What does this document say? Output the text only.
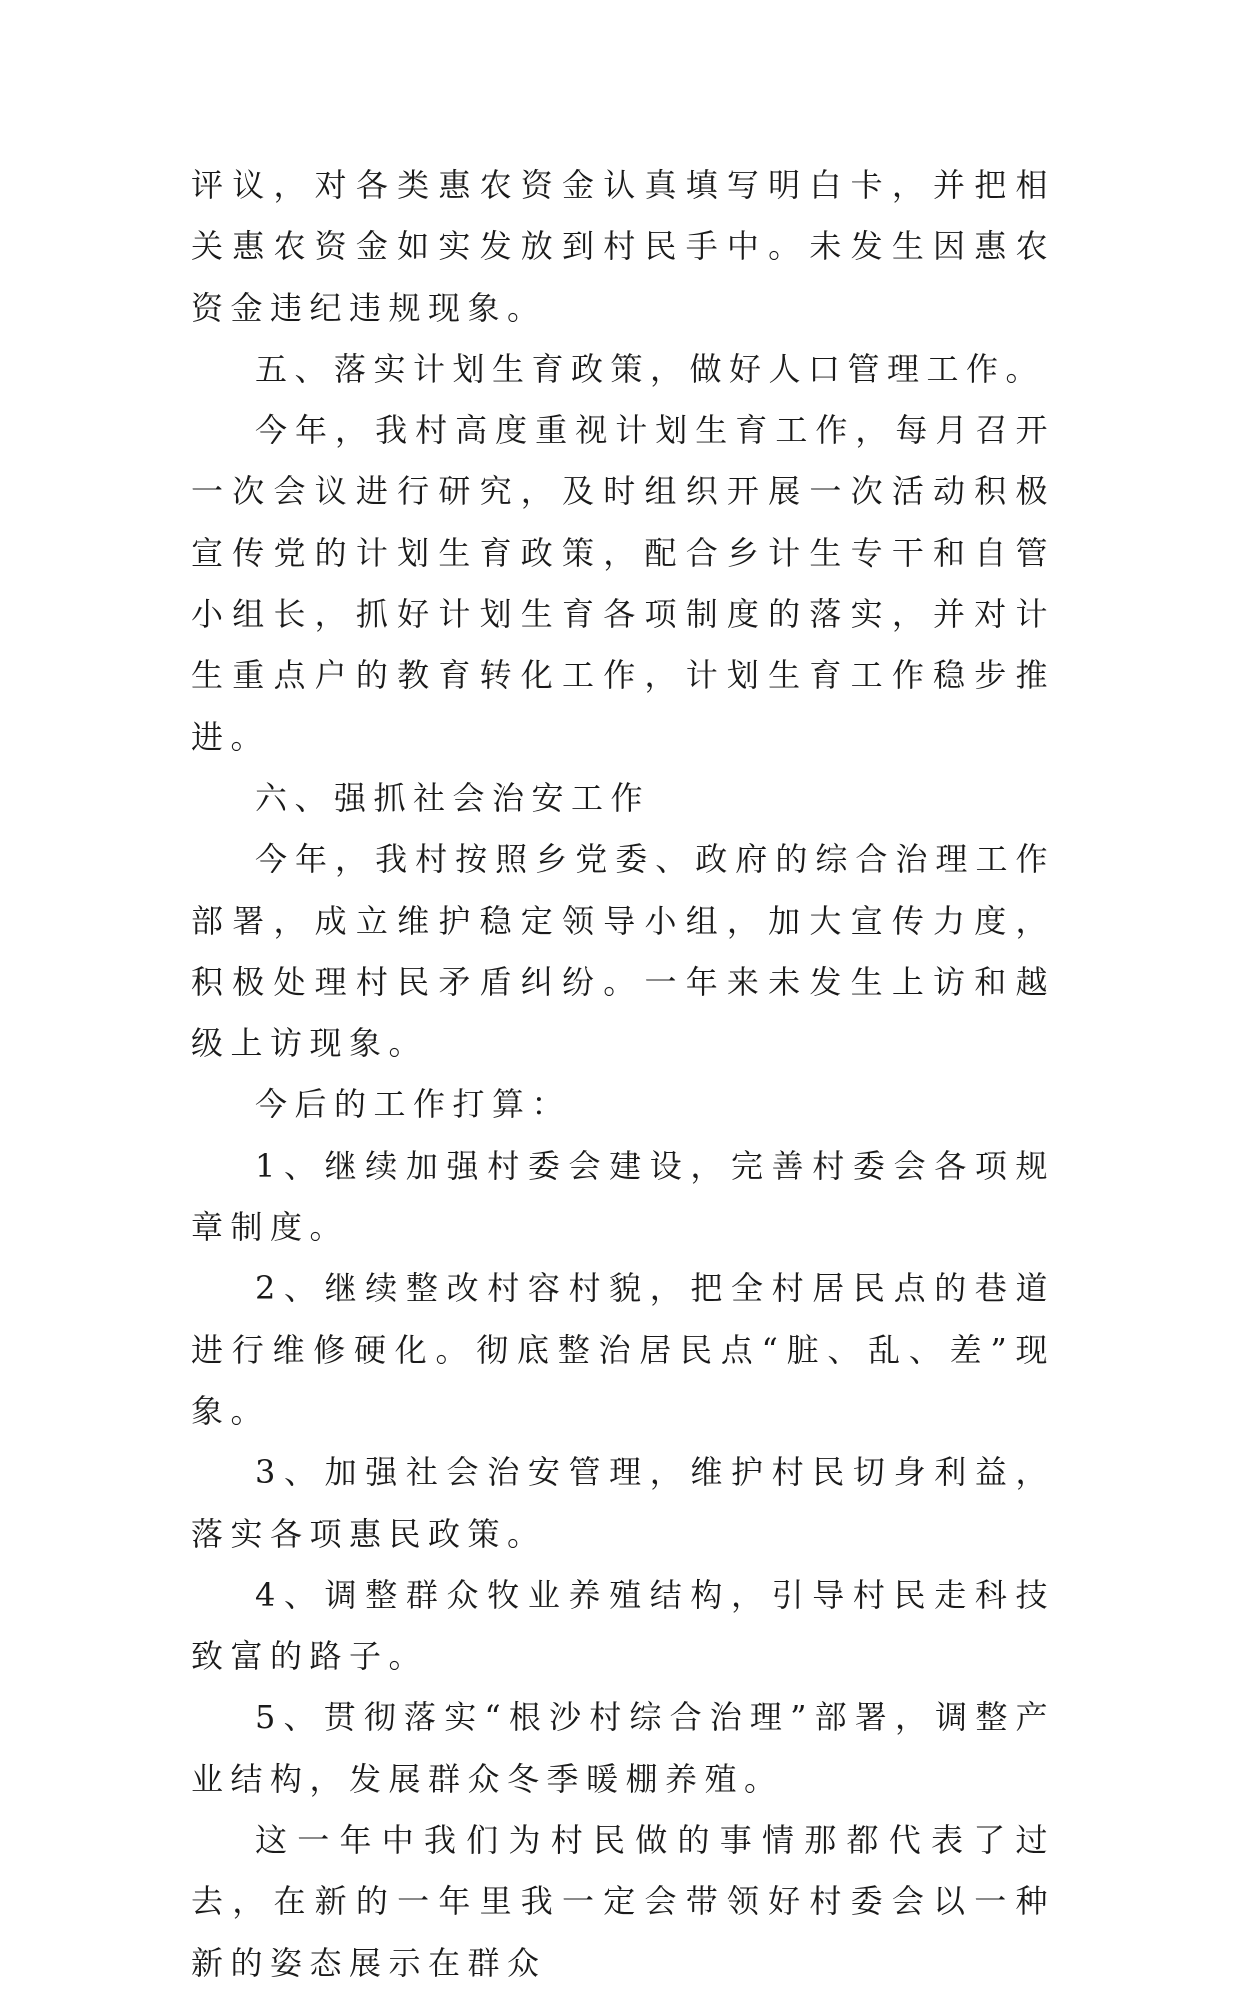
评议，对各类惠农资金认真填写明白卡，并把相关惠农资金如实发放到村民手中。未发生因惠农资金违纪违规现象。

五、落实计划生育政策，做好人口管理工作。

今年，我村高度重视计划生育工作，每月召开一次会议进行研究，及时组织开展一次活动积极宣传党的计划生育政策，配合乡计生专干和自管小组长，抓好计划生育各项制度的落实，并对计生重点户的教育转化工作，计划生育工作稳步推进。

六、强抓社会治安工作

今年，我村按照乡党委、政府的综合治理工作部署，成立维护稳定领导小组，加大宣传力度，积极处理村民矛盾纠纷。一年来未发生上访和越级上访现象。

今后的工作打算：

1、继续加强村委会建设，完善村委会各项规章制度。

2、继续整改村容村貌，把全村居民点的巷道进行维修硬化。彻底整治居民点“脏、乱、差”现象。

3、加强社会治安管理，维护村民切身利益，落实各项惠民政策。

4、调整群众牧业养殖结构，引导村民走科技致富的路子。

5、贯彻落实“根沙村综合治理”部署，调整产业结构，发展群众冬季暖棚养殖。

这一年中我们为村民做的事情那都代表了过去，在新的一年里我一定会带领好村委会以一种新的姿态展示在群众
